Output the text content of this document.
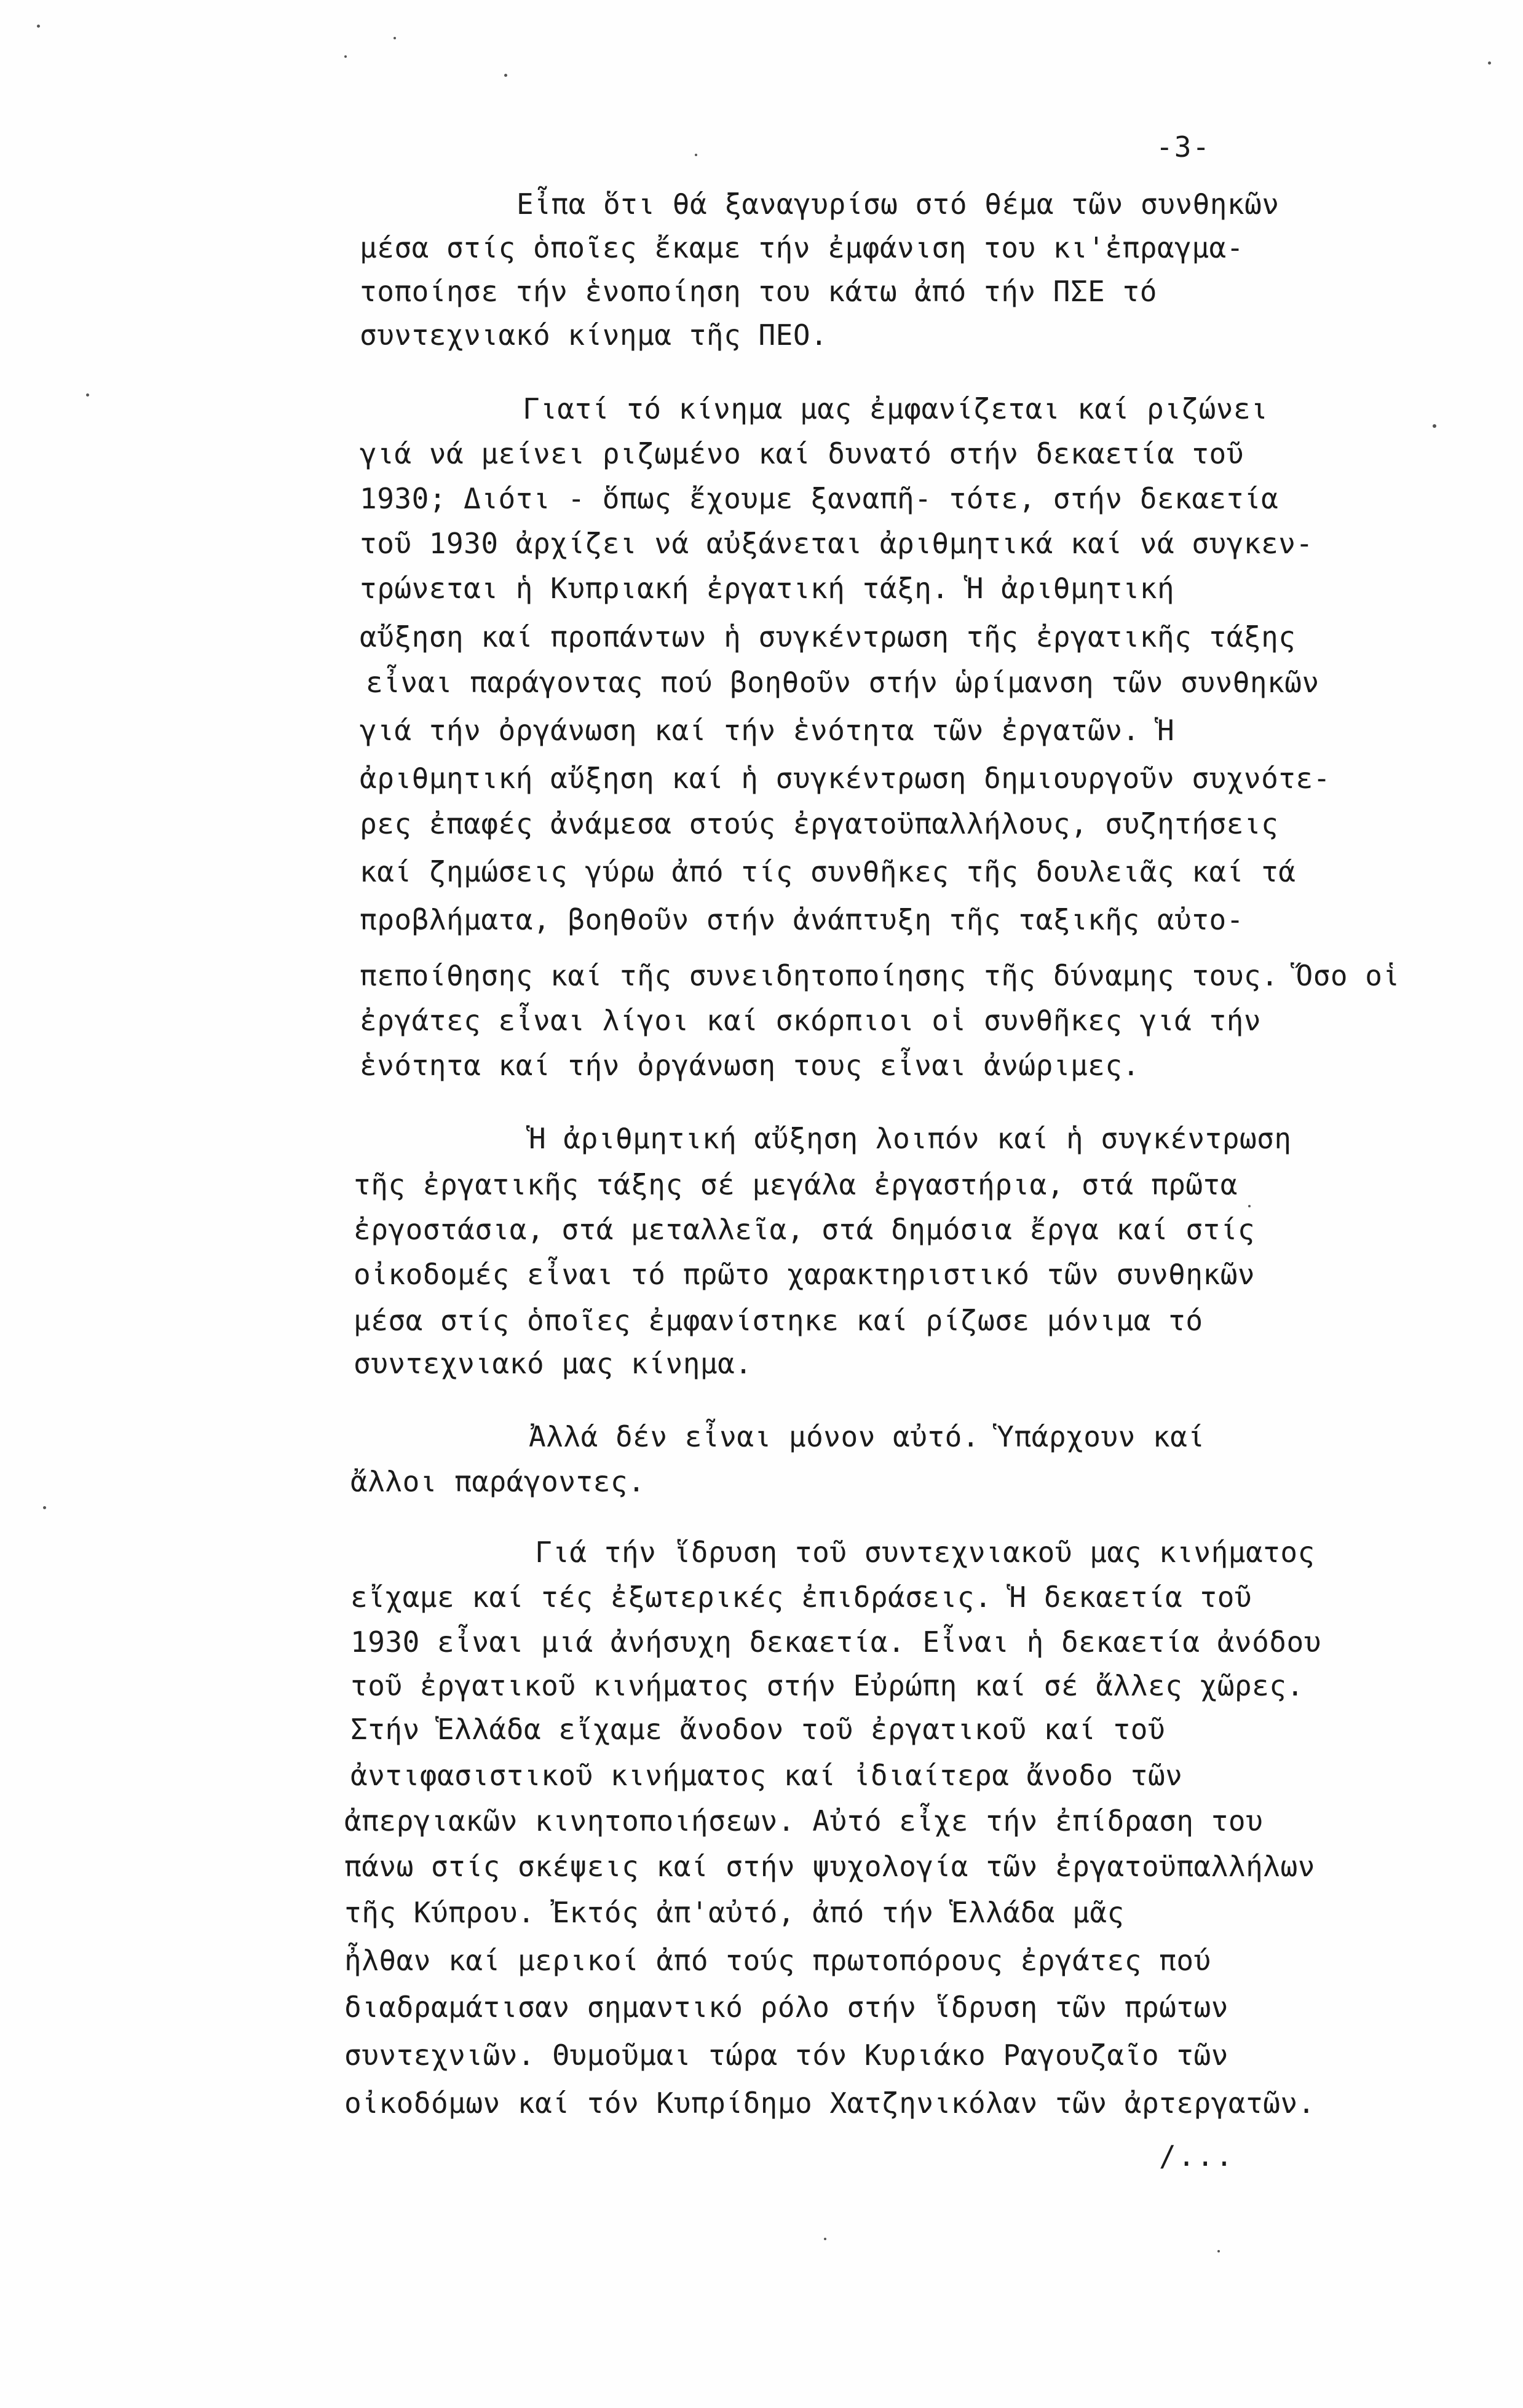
-3-
Εἶπα ὅτι θά ξαναγυρίσω στό θέμα τῶν συνθηκῶν
μέσα στίς ὁποῖες ἔκαμε τήν ἐμφάνιση του κι'ἐπραγμα-
τοποίησε τήν ἑνοποίηση του κάτω ἀπό τήν ΠΣΕ τό
συντεχνιακό κίνημα τῆς ΠΕΟ.
Γιατί τό κίνημα μας ἐμφανίζεται καί ριζώνει
γιά νά μείνει ριζωμένο καί δυνατό στήν δεκαετία τοῦ
1930; Διότι - ὅπως ἔχουμε ξαναπῆ- τότε, στήν δεκαετία
τοῦ 1930 ἀρχίζει νά αὐξάνεται ἀριθμητικά καί νά συγκεν-
τρώνεται ἡ Κυπριακή ἐργατική τάξη. Ἡ ἀριθμητική
αὔξηση καί προπάντων ἡ συγκέντρωση τῆς ἐργατικῆς τάξης
εἶναι παράγοντας πού βοηθοῦν στήν ὡρίμανση τῶν συνθηκῶν
γιά τήν ὀργάνωση καί τήν ἑνότητα τῶν ἐργατῶν. Ἡ
ἀριθμητική αὔξηση καί ἡ συγκέντρωση δημιουργοῦν συχνότε-
ρες ἐπαφές ἀνάμεσα στούς ἐργατοϋπαλλήλους, συζητήσεις
καί ζημώσεις γύρω ἀπό τίς συνθῆκες τῆς δουλειᾶς καί τά
προβλήματα, βοηθοῦν στήν ἀνάπτυξη τῆς ταξικῆς αὐτο-
πεποίθησης καί τῆς συνειδητοποίησης τῆς δύναμης τους. Ὅσο οἱ
ἐργάτες εἶναι λίγοι καί σκόρπιοι οἱ συνθῆκες γιά τήν
ἑνότητα καί τήν ὀργάνωση τους εἶναι ἀνώριμες.
Ἡ ἀριθμητική αὔξηση λοιπόν καί ἡ συγκέντρωση
τῆς ἐργατικῆς τάξης σέ μεγάλα ἐργαστήρια, στά πρῶτα
ἐργοστάσια, στά μεταλλεῖα, στά δημόσια ἔργα καί στίς
οἰκοδομές εἶναι τό πρῶτο χαρακτηριστικό τῶν συνθηκῶν
μέσα στίς ὁποῖες ἐμφανίστηκε καί ρίζωσε μόνιμα τό
συντεχνιακό μας κίνημα.
Ἀλλά δέν εἶναι μόνον αὐτό. Ὑπάρχουν καί
ἄλλοι παράγοντες.
Γιά τήν ἵδρυση τοῦ συντεχνιακοῦ μας κινήματος
εἴχαμε καί τές ἐξωτερικές ἐπιδράσεις. Ἡ δεκαετία τοῦ
1930 εἶναι μιά ἀνήσυχη δεκαετία. Εἶναι ἡ δεκαετία ἀνόδου
τοῦ ἐργατικοῦ κινήματος στήν Εὐρώπη καί σέ ἄλλες χῶρες.
Στήν Ἑλλάδα εἴχαμε ἄνοδον τοῦ ἐργατικοῦ καί τοῦ
ἀντιφασιστικοῦ κινήματος καί ἰδιαίτερα ἄνοδο τῶν
ἀπεργιακῶν κινητοποιήσεων. Αὐτό εἶχε τήν ἐπίδραση του
πάνω στίς σκέψεις καί στήν ψυχολογία τῶν ἐργατοϋπαλλήλων
τῆς Κύπρου. Ἐκτός ἀπ'αὐτό, ἀπό τήν Ἑλλάδα μᾶς
ἦλθαν καί μερικοί ἀπό τούς πρωτοπόρους ἐργάτες πού
διαδραμάτισαν σημαντικό ρόλο στήν ἵδρυση τῶν πρώτων
συντεχνιῶν. Θυμοῦμαι τώρα τόν Κυριάκο Ραγουζαῖο τῶν
οἰκοδόμων καί τόν Κυπρίδημο Χατζηνικόλαν τῶν ἀρτεργατῶν.
/...
